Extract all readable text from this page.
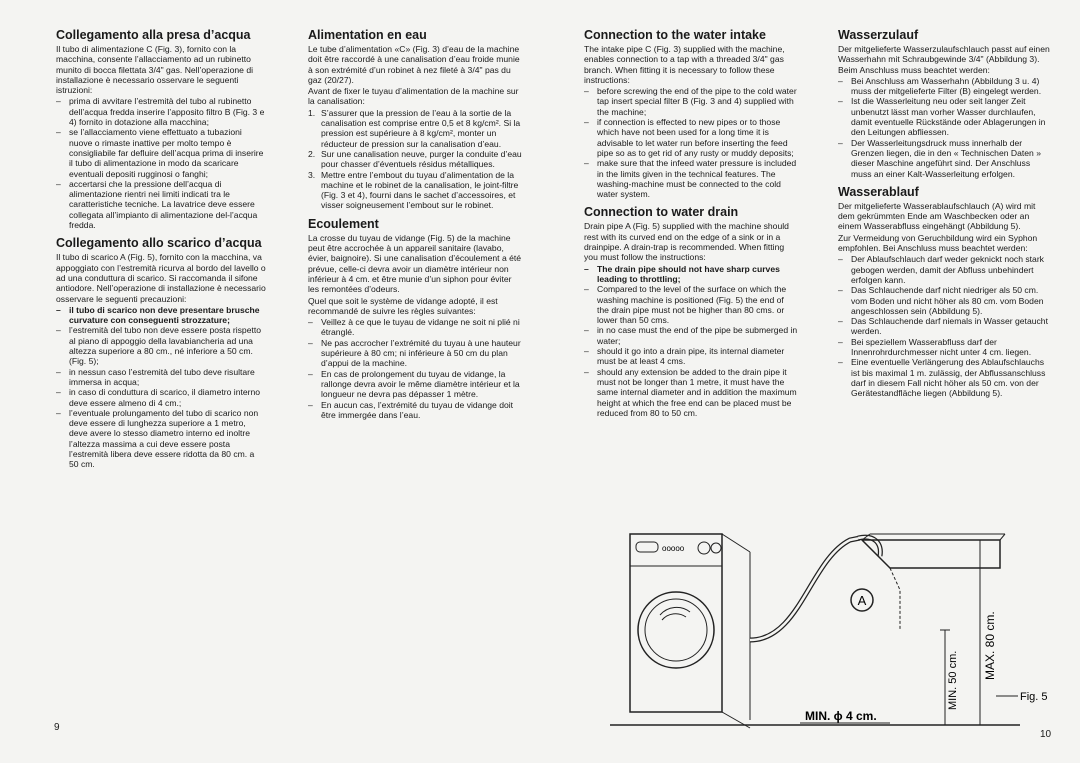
Collegamento alla presa d’acqua

Il tubo di alimentazione C (Fig. 3), fornito con la macchina, consente l’allacciamento ad un rubinetto munito di bocca filettata 3/4" gas. Nell’operazione di installazione è necessario osservare le seguenti istruzioni:

– prima di avvitare l’estremità del tubo al rubinetto dell’acqua fredda inserire l’apposito filtro B (Fig. 3 e 4) fornito in dotazione alla macchina;
– se l’allacciamento viene effettuato a tubazioni nuove o rimaste inattive per molto tempo è consigliabile far defluire dell’acqua prima di inserire il tubo di alimentazione in modo da scaricare eventuali depositi rugginosi o fanghi;
– accertarsi che la pressione dell’acqua di alimentazione rientri nei limiti indicati tra le caratteristiche tecniche. La lavatrice deve essere collegata all’impianto di alimentazione del-l’acqua fredda.
Collegamento allo scarico d’acqua

Il tubo di scarico A (Fig. 5), fornito con la macchina, va appoggiato con l’estremità ricurva al bordo del lavello o ad una conduttura di scarico. Si raccomanda il sifone antiodore. Nell’operazione di installazione è necessario osservare le seguenti precauzioni:

– il tubo di scarico non deve presentare brusche curvature con conseguenti strozzature;
– l’estremità del tubo non deve essere posta rispetto al piano di appoggio della lavabiancheria ad una altezza superiore a 80 cm., né inferiore a 50 cm. (Fig. 5);
– in nessun caso l’estremità del tubo deve risultare immersa in acqua;
– in caso di conduttura di scarico, il diametro interno deve essere almeno di 4 cm.;
– l’eventuale prolungamento del tubo di scarico non deve essere di lunghezza superiore a 1 metro, deve avere lo stesso diametro interno ed inoltre l’altezza massima a cui deve essere posta l’estremità libera deve essere ridotta da 80 cm. a 50 cm.
Alimentation en eau

Le tube d’alimentation «C» (Fig. 3) d’eau de la machine doit être raccordé à une canalisation d’eau froide munie à son extrémité d’un robinet à nez fileté à 3/4" pas du gaz (20/27).

Avant de fixer le tuyau d’alimentation de la machine sur la canalisation:

1. S’assurer que la pression de l’eau à la sortie de la canalisation est comprise entre 0,5 et 8 kg/cm². Si la pression est supérieure à 8 kg/cm², monter un réducteur de pression sur la canalisation d’eau.
2. Sur une canalisation neuve, purger la conduite d’eau pour chasser d’éventuels résidus métalliques.
3. Mettre entre l’embout du tuyau d’alimentation de la machine et le robinet de la canalisation, le joint-filtre (Fig. 3 et 4), fourni dans le sachet d’accessoires, et visser soigneusement l’embout sur le robinet.
Ecoulement

La crosse du tuyau de vidange (Fig. 5) de la machine peut être accrochée à un appareil sanitaire (lavabo, évier, baignoire). Si une canalisation d’écoulement a été prévue, celle-ci devra avoir un diamètre intérieur non inférieur à 4 cm. et être munie d’un siphon pour éviter les remontées d’odeurs.

Quel que soit le système de vidange adopté, il est recommandé de suivre les règles suivantes:

– Veillez à ce que le tuyau de vidange ne soit ni plié ni étranglé.
– Ne pas accrocher l’extrémité du tuyau à une hauteur supérieure à 80 cm; ni inférieure à 50 cm du plan d’appui de la machine.
– En cas de prolongement du tuyau de vidange, la rallonge devra avoir le même diamètre intérieur et la longueur ne devra pas dépasser 1 mètre.
– En aucun cas, l’extrémité du tuyau de vidange doit être immergée dans l’eau.
Connection to the water intake

The intake pipe C (Fig. 3) supplied with the machine, enables connection to a tap with a threaded 3/4" gas branch. When fitting it is necessary to follow these instructions:

– before screwing the end of the pipe to the cold water tap insert special filter B (Fig. 3 and 4) supplied with the machine;
– if connection is effected to new pipes or to those which have not been used for a long time it is advisable to let water run before inserting the feed pipe so as to get rid of any rusty or muddy deposits;
– make sure that the infeed water pressure is included in the limits given in the technical features. The washing-machine must be connected to the cold water system.
Connection to water drain

Drain pipe A (Fig. 5) supplied with the machine should rest with its curved end on the edge of a sink or in a drainpipe. A drain-trap is recommended. When fitting you must follow the instructions:

– The drain pipe should not have sharp curves leading to throttling;
– Compared to the level of the surface on which the washing machine is positioned (Fig. 5) the end of the drain pipe must not be higher than 80 cms. or lower than 50 cms.
– in no case must the end of the pipe be submerged in water;
– should it go into a drain pipe, its internal diameter must be at least 4 cms.
– should any extension be added to the drain pipe it must not be longer than 1 metre, it must have the same internal diameter and in addition the maximum height at which the free end can be placed must be reduced from 80 to 50 cm.
Wasserzulauf

Der mitgelieferte Wasserzulaufschlauch passt auf einen Wasserhahn mit Schraubgewinde 3/4" (Abbildung 3). Beim Anschluss muss beachtet werden:

– Bei Anschluss am Wasserhahn (Abbildung 3 u. 4) muss der mitgelieferte Filter (B) eingelegt werden.
– Ist die Wasserleitung neu oder seit langer Zeit unbenutzt lässt man vorher Wasser durchlaufen, damit eventuelle Rückstände oder Ablagerungen in den Leitungen abfliessen.
– Der Wasserleitungsdruck muss innerhalb der Grenzen liegen, die in den « Technischen Daten » dieser Maschine angeführt sind. Der Anschluss muss an einer Kalt-Wasserleitung erfolgen.
Wasserablauf

Der mitgelieferte Wasserablaufschlauch (A) wird mit dem gekrümmten Ende am Waschbecken oder an einem Wasserabfluss eingehängt (Abbildung 5).

Zur Vermeidung von Geruchbildung wird ein Syphon empfohlen. Bei Anschluss muss beachtet werden:

– Der Ablaufschlauch darf weder geknickt noch stark gebogen werden, damit der Abfluss unbehindert erfolgen kann.
– Das Schlauchende darf nicht niedriger als 50 cm. vom Boden und nicht höher als 80 cm. vom Boden angeschlossen sein (Abbildung 5).
– Das Schlauchende darf niemals in Wasser getaucht werden.
– Bei speziellem Wasserabfluss darf der Innenrohrdurchmesser nicht unter 4 cm. liegen.
– Eine eventuelle Verlängerung des Ablaufschlauchs ist bis maximal 1 m. zulässig, der Abflussanschluss darf in diesem Fall nicht höher als 50 cm. von der Gerätestandfläche liegen (Abbildung 5).
ooooo
A
MIN. 50 cm.
MAX. 80 cm.
MIN. ϕ 4 cm.
Fig. 5
9
10
